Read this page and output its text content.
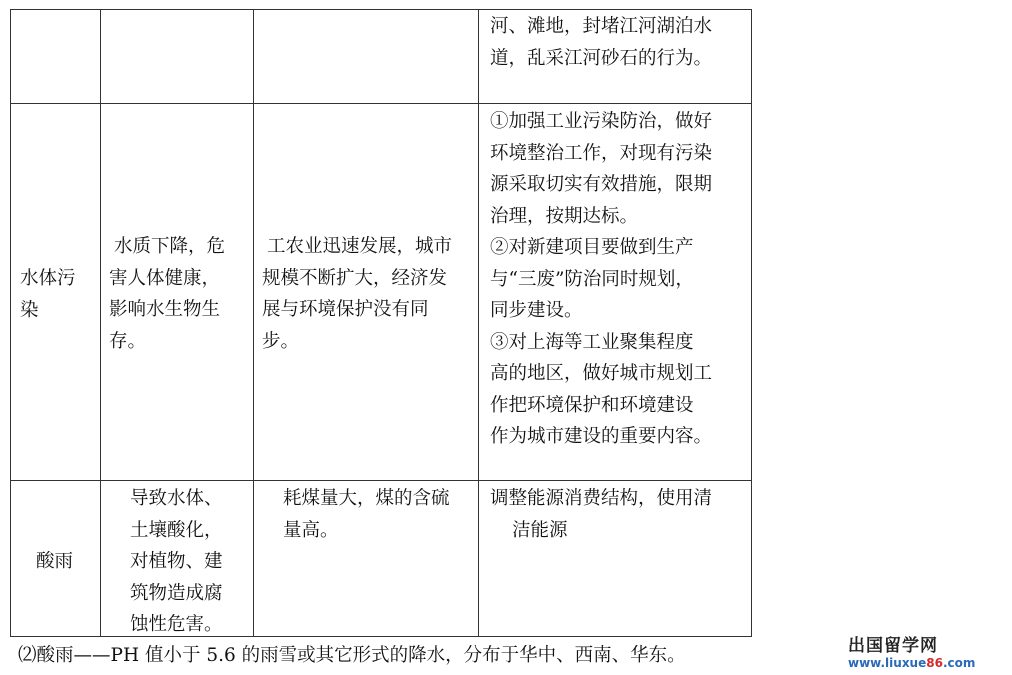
河、滩地，封堵江河湖泊水
道，乱采江河砂石的行为。
水体污
染
水质下降，危
害人体健康，
影响水生物生
存。
工农业迅速发展，城市
规模不断扩大，经济发
展与环境保护没有同
步。
①加强工业污染防治，做好
环境整治工作，对现有污染
源采取切实有效措施，限期
治理，按期达标。
②对新建项目要做到生产
与“三废”防治同时规划，
同步建设。
③对上海等工业聚集程度
高的地区，做好城市规划工
作把环境保护和环境建设
作为城市建设的重要内容。
酸雨
导致水体、
土壤酸化，
对植物、建
筑物造成腐
蚀性危害。
耗煤量大，煤的含硫
量高。
调整能源消费结构，使用清
洁能源
⑵酸雨——PH 值小于 5.6 的雨雪或其它形式的降水，分布于华中、西南、华东。	出国留学网
www.liuxue86.com
